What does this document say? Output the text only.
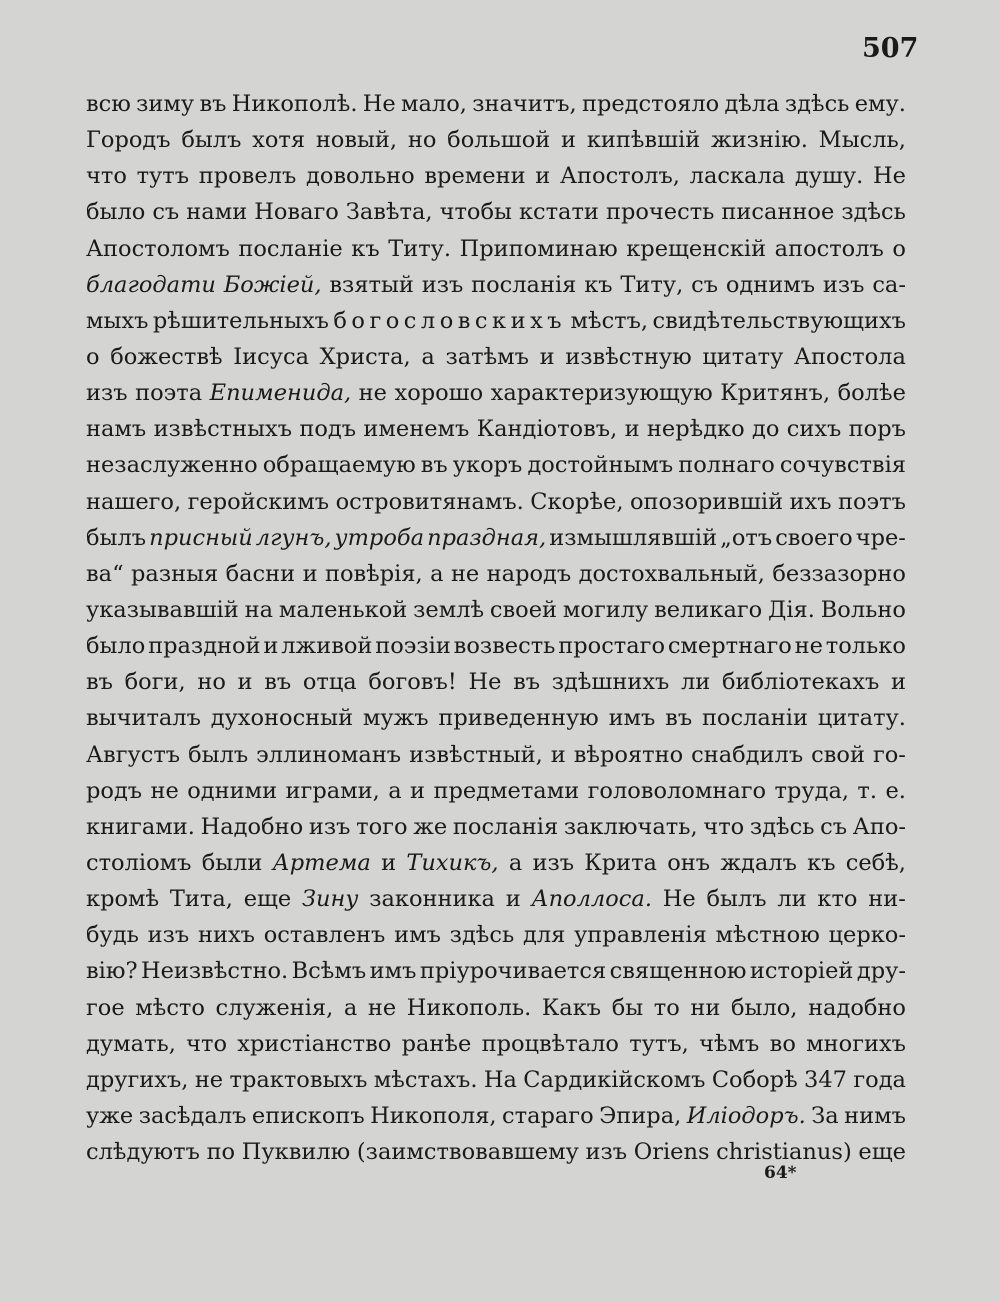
507
всю зиму въ Никополѣ. Не мало, значитъ, предстояло дѣла здѣсь ему.
Городъ былъ хотя новый, но большой и кипѣвшій жизнію. Мысль,
что тутъ провелъ довольно времени и Апостолъ, ласкала душу. Не
было съ нами Новаго Завѣта, чтобы кстати прочесть писанное здѣсь
Апостоломъ посланіе къ Титу. Припоминаю крещенскій апостолъ о
благодати Божіей, взятый изъ посланія къ Титу, съ однимъ изъ са-
мыхъ рѣшительныхъ богословскихъ мѣстъ, свидѣтельствующихъ
о божествѣ Іисуса Христа, а затѣмъ и извѣстную цитату Апостола
изъ поэта Епименида, не хорошо характеризующую Критянъ, болѣе
намъ извѣстныхъ подъ именемъ Кандіотовъ, и нерѣдко до сихъ поръ
незаслуженно обращаемую въ укоръ достойнымъ полнаго сочувствія
нашего, геройскимъ островитянамъ. Скорѣе, опозорившій ихъ поэтъ
былъ присный лгунъ, утроба праздная, измышлявшій „отъ своего чре-
ва“ разныя басни и повѣрія, а не народъ достохвальный, беззазорно
указывавшій на маленькой землѣ своей могилу великаго Дія. Вольно
было праздной и лживой поэзіи возвесть простаго смертнаго не только
въ боги, но и въ отца боговъ! Не въ здѣшнихъ ли библіотекахъ и
вычиталъ духоносный мужъ приведенную имъ въ посланіи цитату.
Августъ былъ эллиноманъ извѣстный, и вѣроятно снабдилъ свой го-
родъ не одними играми, а и предметами головоломнаго труда, т. е.
книгами. Надобно изъ того же посланія заключать, что здѣсь съ Апо-
століомъ были Артема и Тихикъ, а изъ Крита онъ ждалъ къ себѣ,
кромѣ Тита, еще Зину законника и Аполлоса. Не былъ ли кто ни-
будь изъ нихъ оставленъ имъ здѣсь для управленія мѣстною церко-
вію? Неизвѣстно. Всѣмъ имъ пріурочивается священною исторіей дру-
гое мѣсто служенія, а не Никополь. Какъ бы то ни было, надобно
думать, что христіанство ранѣе процвѣтало тутъ, чѣмъ во многихъ
другихъ, не трактовыхъ мѣстахъ. На Сардикійскомъ Соборѣ 347 года
уже засѣдалъ епископъ Никополя, стараго Эпира, Иліодоръ. За нимъ
слѣдуютъ по Пуквилю (заимствовавшему изъ Oriens christianus) еще
64*
